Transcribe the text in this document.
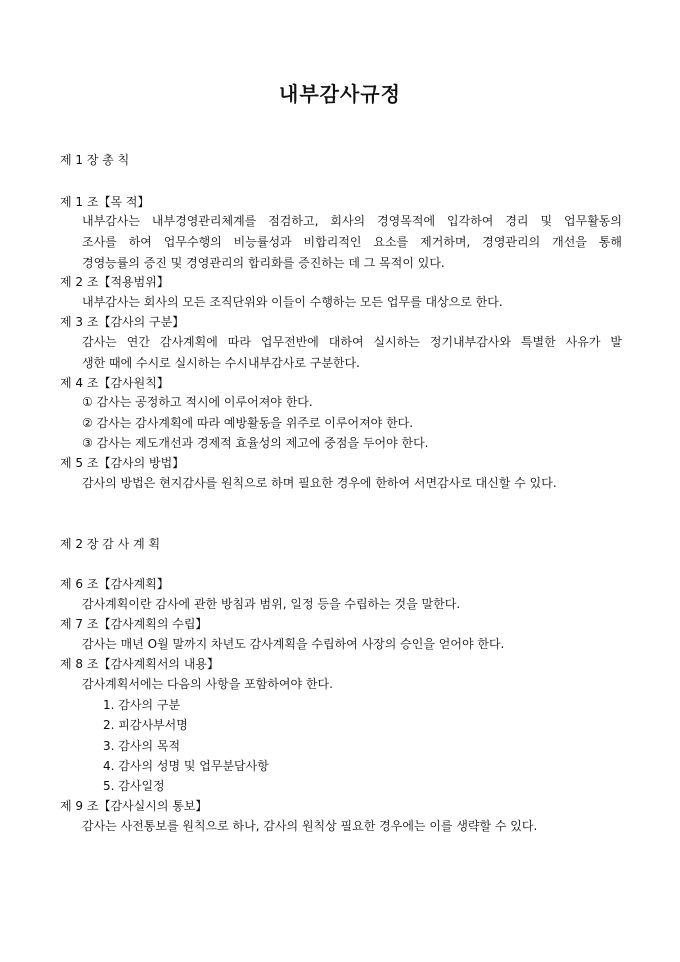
내부감사규정
제 1 장 총 칙
제 1 조【목 적】
내부감사는 내부경영관리체계를 점검하고, 회사의 경영목적에 입각하여 경리 및 업무활동의
조사를 하여 업무수행의 비능률성과 비합리적인 요소를 제거하며, 경영관리의 개선을 통해
경영능률의 증진 및 경영관리의 합리화를 증진하는 데 그 목적이 있다.
제 2 조【적용범위】
내부감사는 회사의 모든 조직단위와 이들이 수행하는 모든 업무를 대상으로 한다.
제 3 조【감사의 구분】
감사는 연간 감사계획에 따라 업무전반에 대하여 실시하는 정기내부감사와 특별한 사유가 발
생한 때에 수시로 실시하는 수시내부감사로 구분한다.
제 4 조【감사원칙】
① 감사는 공정하고 적시에 이루어져야 한다.
② 감사는 감사계획에 따라 예방활동을 위주로 이루어져야 한다.
③ 감사는 제도개선과 경제적 효율성의 제고에 중점을 두어야 한다.
제 5 조【감사의 방법】
감사의 방법은 현지감사를 원칙으로 하며 필요한 경우에 한하여 서면감사로 대신할 수 있다.
제 2 장 감 사 계 획
제 6 조【감사계획】
감사계획이란 감사에 관한 방침과 범위, 일정 등을 수립하는 것을 말한다.
제 7 조【감사계획의 수립】
감사는 매년 O월 말까지 차년도 감사계획을 수립하여 사장의 승인을 얻어야 한다.
제 8 조【감사계획서의 내용】
감사계획서에는 다음의 사항을 포함하여야 한다.
1. 감사의 구분
2. 피감사부서명
3. 감사의 목적
4. 감사의 성명 및 업무분담사항
5. 감사일정
제 9 조【감사실시의 통보】
감사는 사전통보를 원칙으로 하나, 감사의 원칙상 필요한 경우에는 이를 생략할 수 있다.
